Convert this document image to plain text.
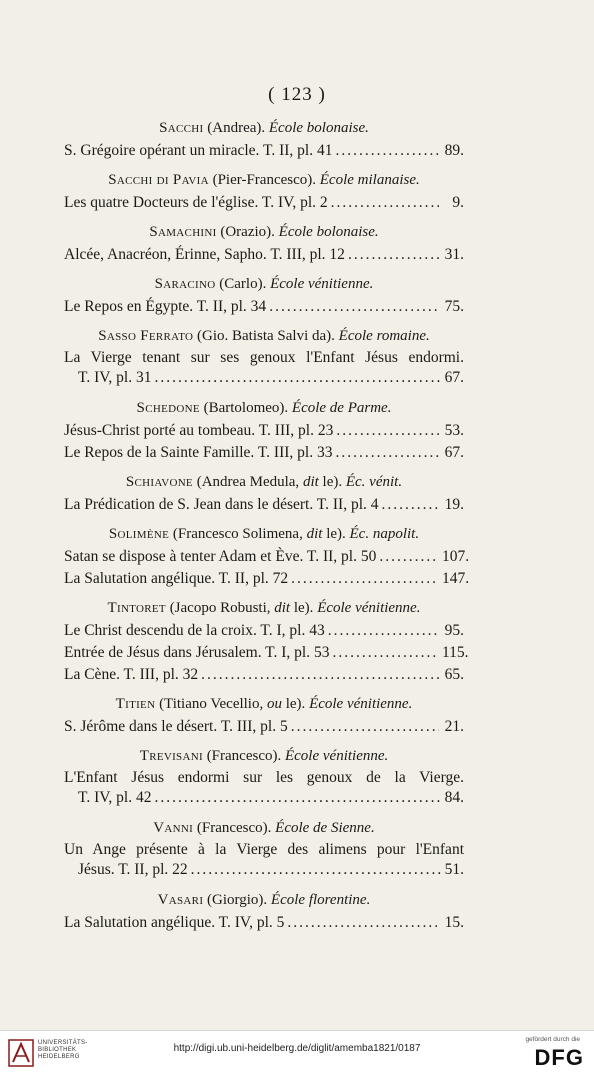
( 123 )
Sacchi (Andrea). École bolonaise.
S. Grégoire opérant un miracle. T. II, pl. 41 .....	89.
Sacchi di Pavia (Pier-Francesco). École milanaise.
Les quatre Docteurs de l'église. T. IV, pl. 2 .....	9.
Samachini (Orazio). École bolonaise.
Alcée, Anacréon, Érinne, Sapho. T. III, pl. 12 .....	31.
Saracino (Carlo). École vénitienne.
Le Repos en Égypte. T. II, pl. 34 .....	75.
Sasso Ferrato (Gio. Batista Salvi da). École romaine.
La Vierge tenant sur ses genoux l'Enfant Jésus endormi.
T. IV, pl. 31 .....	67.
Schedone (Bartolomeo). École de Parme.
Jésus-Christ porté au tombeau. T. III, pl. 23 .....	53.
Le Repos de la Sainte Famille. T. III, pl. 33 .....	67.
Schiavone (Andrea Medula, dit le). Éc. vénit.
La Prédication de S. Jean dans le désert. T. II, pl. 4 .....	19.
Solimène (Francesco Solimena, dit le). Éc. napolit.
Satan se dispose à tenter Adam et Ève. T. II, pl. 50 .....	107.
La Salutation angélique. T. II, pl. 72 .....	147.
Tintoret (Jacopo Robusti, dit le). École vénitienne.
Le Christ descendu de la croix. T. I, pl. 43 .....	95.
Entrée de Jésus dans Jérusalem. T. I, pl. 53 .....	115.
La Cène. T. III, pl. 32 .....	65.
Titien (Titiano Vecellio, ou le). École vénitienne.
S. Jérôme dans le désert. T. III, pl. 5 .....	21.
Trevisani (Francesco). École vénitienne.
L'Enfant Jésus endormi sur les genoux de la Vierge.
T. IV, pl. 42 .....	84.
Vanni (Francesco). École de Sienne.
Un Ange présente à la Vierge des alimens pour l'Enfant
Jésus. T. II, pl. 22 .....	51.
Vasari (Giorgio). École florentine.
La Salutation angélique. T. IV, pl. 5 .....	15.
UNIVERSITÄTS-
BIBLIOTHEK
HEIDELBERG
http://digi.ub.uni-heidelberg.de/diglit/amemba1821/0187
gefördert durch die
DFG
